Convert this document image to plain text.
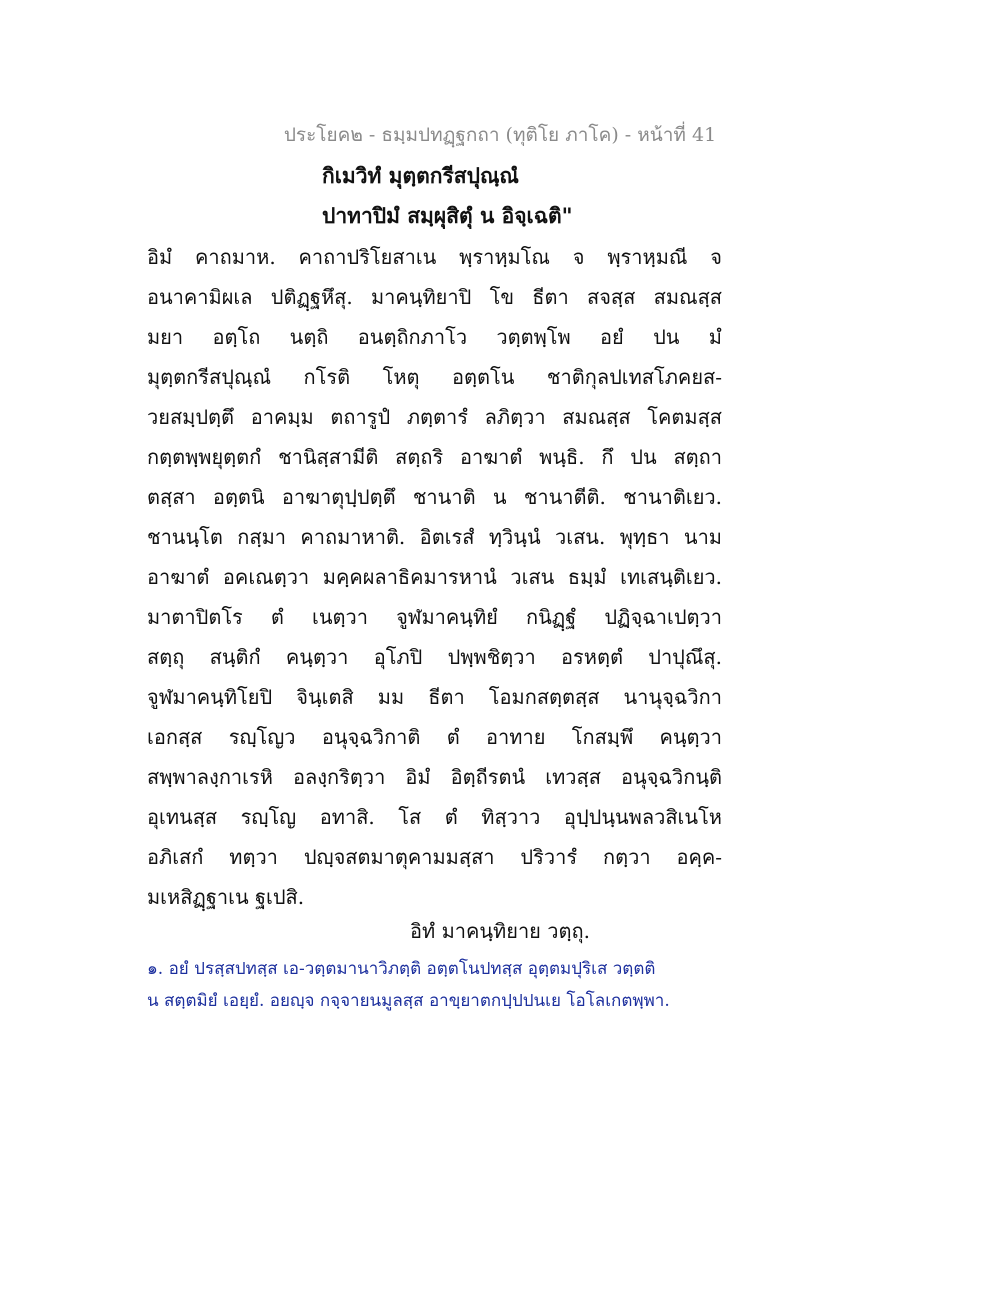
ประโยค๒ - ธมฺมปทฏฺฐกถา (ทุติโย ภาโค) - หน้าที่ 41
กิเมวิทํ มุตฺตกรีสปุณฺณํ
ปาทาปิมํ สมฺผุสิตุํ น อิจฺเฉติ"
อิมํ คาถมาห. คาถาปริโยสาเน พฺราหฺมโณ จ พฺราหฺมณี จ
อนาคามิผเล ปติฏฺฐหึสุ. มาคนฺทิยาปิ โข ธีตา สจสฺส สมณสฺส
มยา อตฺโถ นตฺถิ อนตฺถิกภาโว วตฺตพฺโพ อยํ ปน มํ
มุตฺตกรีสปุณฺณํ กโรติ โหตุ อตฺตโน ชาติกุลปเทสโภคยส-
วยสมฺปตฺตึ อาคมฺม ตถารูปํ ภตฺตารํ ลภิตฺวา สมณสฺส โคตมสฺส
กตฺตพฺพยุตฺตกํ ชานิสฺสามีติ สตฺถริ อาฆาตํ พนฺธิ. กึ ปน สตฺถา
ตสฺสา อตฺตนิ อาฆาตุปฺปตฺตึ ชานาติ น ชานาตีติ. ชานาติเยว.
ชานนฺโต กสฺมา คาถมาหาติ. อิตเรสํ ทฺวินฺนํ วเสน. พุทฺธา นาม
อาฆาตํ อคเณตฺวา มคฺคผลาธิคมารหานํ วเสน ธมฺมํ เทเสนฺติเยว.
มาตาปิตโร ตํ เนตฺวา จูฬมาคนฺทิยํ กนิฏฺฐํ ปฏิจฺฉาเปตฺวา
สตฺถุ สนฺติกํ คนฺตฺวา อุโภปิ ปพฺพชิตฺวา อรหตฺตํ ปาปุณึสุ.
จูฬมาคนฺทิโยปิ จินฺเตสิ มม ธีตา โอมกสตฺตสฺส นานุจฺฉวิกา
เอกสฺส รญฺโญว อนุจฺฉวิกาติ ตํ อาทาย โกสมฺพึ คนฺตฺวา
สพฺพาลงฺกาเรหิ อลงฺกริตฺวา อิมํ อิตฺถีรตนํ เทวสฺส อนุจฺฉวิกนฺติ
อุเทนสฺส รญฺโญ อทาสิ. โส ตํ ทิสฺวาว อุปฺปนฺนพลวสิเนโห
อภิเสกํ ทตฺวา ปญฺจสตมาตุคามมสฺสา ปริวารํ กตฺวา อคฺค-
มเหสิฏฺฐาเน ฐเปสิ.
อิทํ มาคนฺทิยาย วตฺถุ.
๑. อยํ ปรสฺสปทสฺส เอ-วตฺตมานาวิภตฺติ อตฺตโนปทสฺส อุตฺตมปุริเส วตฺตติ
น สตฺตมิยํ เอยฺยํ. อยญฺจ กจฺจายนมูลสฺส อาขฺยาตกปฺปปนเย โอโลเกตพฺพา.
